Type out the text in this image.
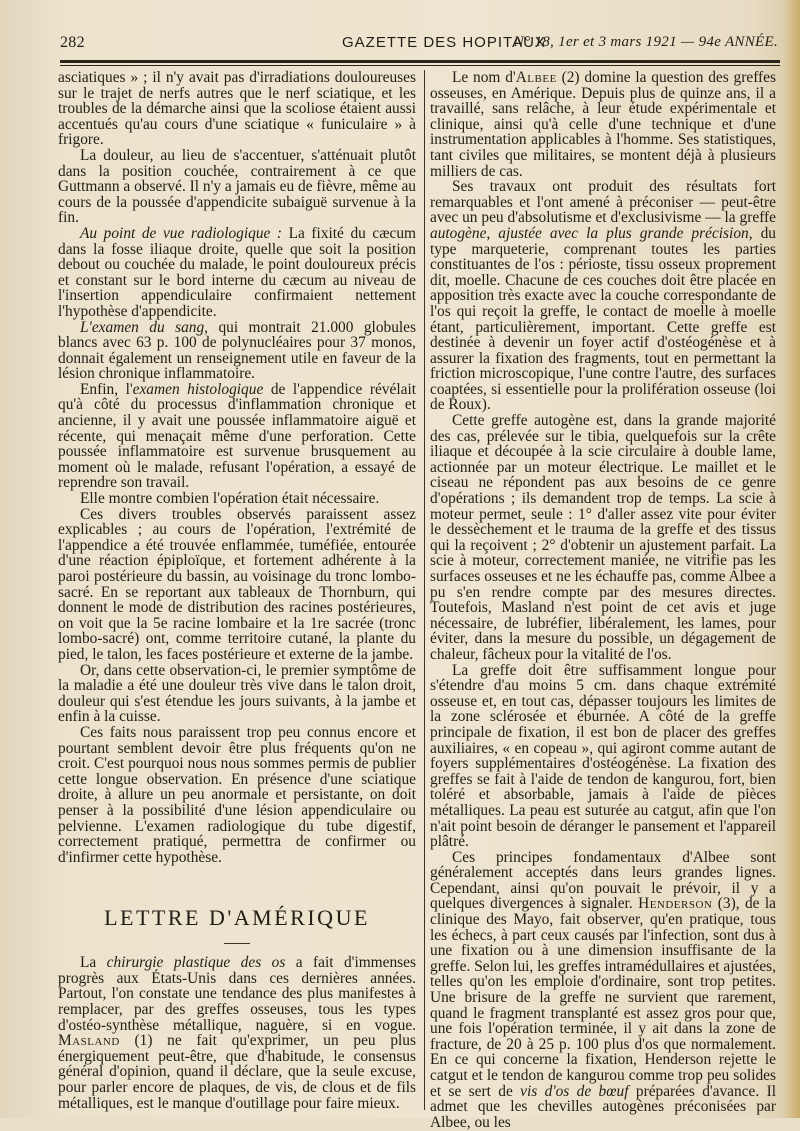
282	GAZETTE DES HOPITAUX
N° 18, 1er et 3 mars 1921 — 94e ANNÉE.

asciatiques » ; il n'y avait pas d'irradiations douloureuses sur le trajet de nerfs autres que le nerf sciatique, et les troubles de la démarche ainsi que la scoliose étaient aussi accentués qu'au cours d'une sciatique « funiculaire » à frigore.

La douleur, au lieu de s'accentuer, s'atténuait plutôt dans la position couchée, contrairement à ce que Guttmann a observé. Il n'y a jamais eu de fièvre, même au cours de la poussée d'appendicite subaiguë survenue à la fin.

Au point de vue radiologique : La fixité du cæcum dans la fosse iliaque droite, quelle que soit la position debout ou couchée du malade, le point douloureux précis et constant sur le bord interne du cæcum au niveau de l'insertion appendiculaire confirmaient nettement l'hypothèse d'appendicite.

L'examen du sang, qui montrait 21.000 globules blancs avec 63 p. 100 de polynucléaires pour 37 monos, donnait également un renseignement utile en faveur de la lésion chronique inflammatoire.

Enfin, l'examen histologique de l'appendice révélait qu'à côté du processus d'inflammation chronique et ancienne, il y avait une poussée inflammatoire aiguë et récente, qui menaçait même d'une perforation. Cette poussée inflammatoire est survenue brusquement au moment où le malade, refusant l'opération, a essayé de reprendre son travail.

Elle montre combien l'opération était nécessaire.

Ces divers troubles observés paraissent assez explicables ; au cours de l'opération, l'extrémité de l'appendice a été trouvée enflammée, tuméfiée, entourée d'une réaction épiploïque, et fortement adhérente à la paroi postérieure du bassin, au voisinage du tronc lombo-sacré. En se reportant aux tableaux de Thornburn, qui donnent le mode de distribution des racines postérieures, on voit que la 5e racine lombaire et la 1re sacrée (tronc lombo-sacré) ont, comme territoire cutané, la plante du pied, le talon, les faces postérieure et externe de la jambe.

Or, dans cette observation-ci, le premier symptôme de la maladie a été une douleur très vive dans le talon droit, douleur qui s'est étendue les jours suivants, à la jambe et enfin à la cuisse.

Ces faits nous paraissent trop peu connus encore et pourtant semblent devoir être plus fréquents qu'on ne croit. C'est pourquoi nous nous sommes permis de publier cette longue observation. En présence d'une sciatique droite, à allure un peu anormale et persistante, on doit penser à la possibilité d'une lésion appendiculaire ou pelvienne. L'examen radiologique du tube digestif, correctement pratiqué, permettra de confirmer ou d'infirmer cette hypothèse.

LETTRE D'AMÉRIQUE

La chirurgie plastique des os a fait d'immenses progrès aux États-Unis dans ces dernières années. Partout, l'on constate une tendance des plus manifestes à remplacer, par des greffes osseuses, tous les types d'ostéo-synthèse métallique, naguère, si en vogue. Masland (1) ne fait qu'exprimer, un peu plus énergiquement peut-être, que d'habitude, le consensus général d'opinion, quand il déclare, que la seule excuse, pour parler encore de plaques, de vis, de clous et de fils métalliques, est le manque d'outillage pour faire mieux.

Le nom d'Albee (2) domine la question des greffes osseuses, en Amérique. Depuis plus de quinze ans, il a travaillé, sans relâche, à leur étude expérimentale et clinique, ainsi qu'à celle d'une technique et d'une instrumentation applicables à l'homme. Ses statistiques, tant civiles que militaires, se montent déjà à plusieurs milliers de cas.

Ses travaux ont produit des résultats fort remarquables et l'ont amené à préconiser — peut-être avec un peu d'absolutisme et d'exclusivisme — la greffe autogène, ajustée avec la plus grande précision, du type marqueterie, comprenant toutes les parties constituantes de l'os : périoste, tissu osseux proprement dit, moelle. Chacune de ces couches doit être placée en apposition très exacte avec la couche correspondante de l'os qui reçoit la greffe, le contact de moelle à moelle étant, particulièrement, important. Cette greffe est destinée à devenir un foyer actif d'ostéogénèse et à assurer la fixation des fragments, tout en permettant la friction microscopique, l'une contre l'autre, des surfaces coaptées, si essentielle pour la prolifération osseuse (loi de Roux).

Cette greffe autogène est, dans la grande majorité des cas, prélevée sur le tibia, quelquefois sur la crête iliaque et découpée à la scie circulaire à double lame, actionnée par un moteur électrique. Le maillet et le ciseau ne répondent pas aux besoins de ce genre d'opérations ; ils demandent trop de temps. La scie à moteur permet, seule : 1° d'aller assez vite pour éviter le dessèchement et le trauma de la greffe et des tissus qui la reçoivent ; 2° d'obtenir un ajustement parfait. La scie à moteur, correctement maniée, ne vitrifie pas les surfaces osseuses et ne les échauffe pas, comme Albee a pu s'en rendre compte par des mesures directes. Toutefois, Masland n'est point de cet avis et juge nécessaire, de lubréfier, libéralement, les lames, pour éviter, dans la mesure du possible, un dégagement de chaleur, fâcheux pour la vitalité de l'os.

La greffe doit être suffisamment longue pour s'étendre d'au moins 5 cm. dans chaque extrémité osseuse et, en tout cas, dépasser toujours les limites de la zone sclérosée et éburnée. A côté de la greffe principale de fixation, il est bon de placer des greffes auxiliaires, « en copeau », qui agiront comme autant de foyers supplémentaires d'ostéogénèse. La fixation des greffes se fait à l'aide de tendon de kangurou, fort, bien toléré et absorbable, jamais à l'aide de pièces métalliques. La peau est suturée au catgut, afin que l'on n'ait point besoin de déranger le pansement et l'appareil plâtré.

Ces principes fondamentaux d'Albee sont généralement acceptés dans leurs grandes lignes. Cependant, ainsi qu'on pouvait le prévoir, il y a quelques divergences à signaler. Henderson (3), de la clinique des Mayo, fait observer, qu'en pratique, tous les échecs, à part ceux causés par l'infection, sont dus à une fixation ou à une dimension insuffisante de la greffe. Selon lui, les greffes intramédullaires et ajustées, telles qu'on les emploie d'ordinaire, sont trop petites. Une brisure de la greffe ne survient que rarement, quand le fragment transplanté est assez gros pour que, une fois l'opération terminée, il y ait dans la zone de fracture, de 20 à 25 p. 100 plus d'os que normalement. En ce qui concerne la fixation, Henderson rejette le catgut et le tendon de kangurou comme trop peu solides et se sert de vis d'os de bœuf préparées d'avance. Il admet que les chevilles autogènes préconisées par Albee, ou les
